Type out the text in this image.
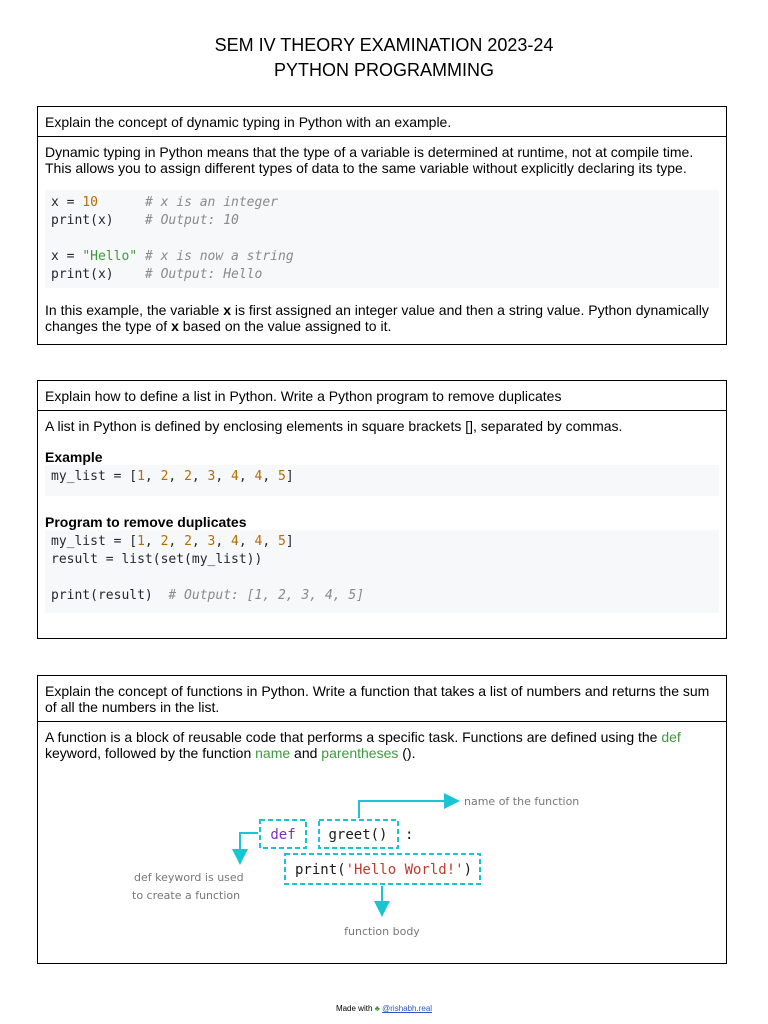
SEM IV THEORY EXAMINATION 2023-24
PYTHON PROGRAMMING
Explain the concept of dynamic typing in Python with an example.

Dynamic typing in Python means that the type of a variable is determined at runtime, not at compile time. This allows you to assign different types of data to the same variable without explicitly declaring its type.

x = 10	# x is an integer
print(x)    # Output: 10

x = "Hello" # x is now a string
print(x)    # Output: Hello

In this example, the variable x is first assigned an integer value and then a string value. Python dynamically changes the type of x based on the value assigned to it.

Explain how to define a list in Python. Write a Python program to remove duplicates

A list in Python is defined by enclosing elements in square brackets [], separated by commas.

Example
my_list = [1, 2, 2, 3, 4, 4, 5]
Program to remove duplicates
my_list = [1, 2, 2, 3, 4, 4, 5]
result = list(set(my_list))

print(result)  # Output: [1, 2, 3, 4, 5]
Explain the concept of functions in Python. Write a function that takes a list of numbers and returns the sum of all the numbers in the list.

A function is a block of reusable code that performs a specific task. Functions are defined using the def keyword, followed by the function name and parentheses ().

def greet() :
print('Hello World!')
name of the function
def keyword is used
to create a function
function body
Made with ♣ @rishabh.real
